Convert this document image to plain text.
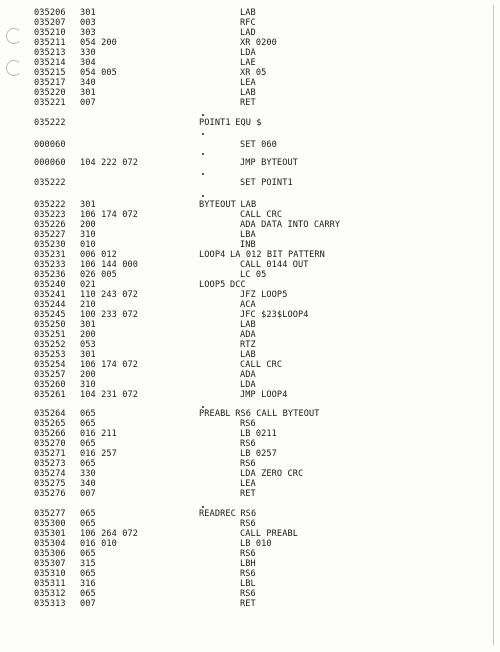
035206 301	LAB
035207 003	RFC
035210 303	LAD
035211 054 200	XR 0200
035213 330	LDA
035214 304	LAE
035215 054 005	XR 05
035217 340	LEA
035220 301	LAB
035221 007	RET
035222	POINT1 EQU $
000060	SET 060
000060 104 222 072	JMP BYTEOUT
035222	SET POINT1
035222 301	BYTEOUT LAB
035223 106 174 072	CALL CRC
035226 200	ADA DATA INTO CARRY
035227 310	LBA
035230 010	INB
035231 006 012	LOOP4 LA 012 BIT PATTERN
035233 106 144 000	CALL 0144 OUT
035236 026 005	LC 05
035240 021	LOOP5 DCC
035241 110 243 072	JFZ LOOP5
035244 210	ACA
035245 100 233 072	JFC $23$LOOP4
035250 301	LAB
035251 200	ADA
035252 053	RTZ
035253 301	LAB
035254 106 174 072	CALL CRC
035257 200	ADA
035260 310	LDA
035261 104 231 072	JMP LOOP4
035264 065	PREABL RS6 CALL BYTEOUT
035265 065	RS6
035266 016 211	LB 0211
035270 065	RS6
035271 016 257	LB 0257
035273 065	RS6
035274 330	LDA ZERO CRC
035275 340	LEA
035276 007	RET
035277 065	READREC RS6
035300 065	RS6
035301 106 264 072	CALL PREABL
035304 016 010	LB 010
035306 065	RS6
035307 315	LBH
035310 065	RS6
035311 316	LBL
035312 065	RS6
035313 007	RET
